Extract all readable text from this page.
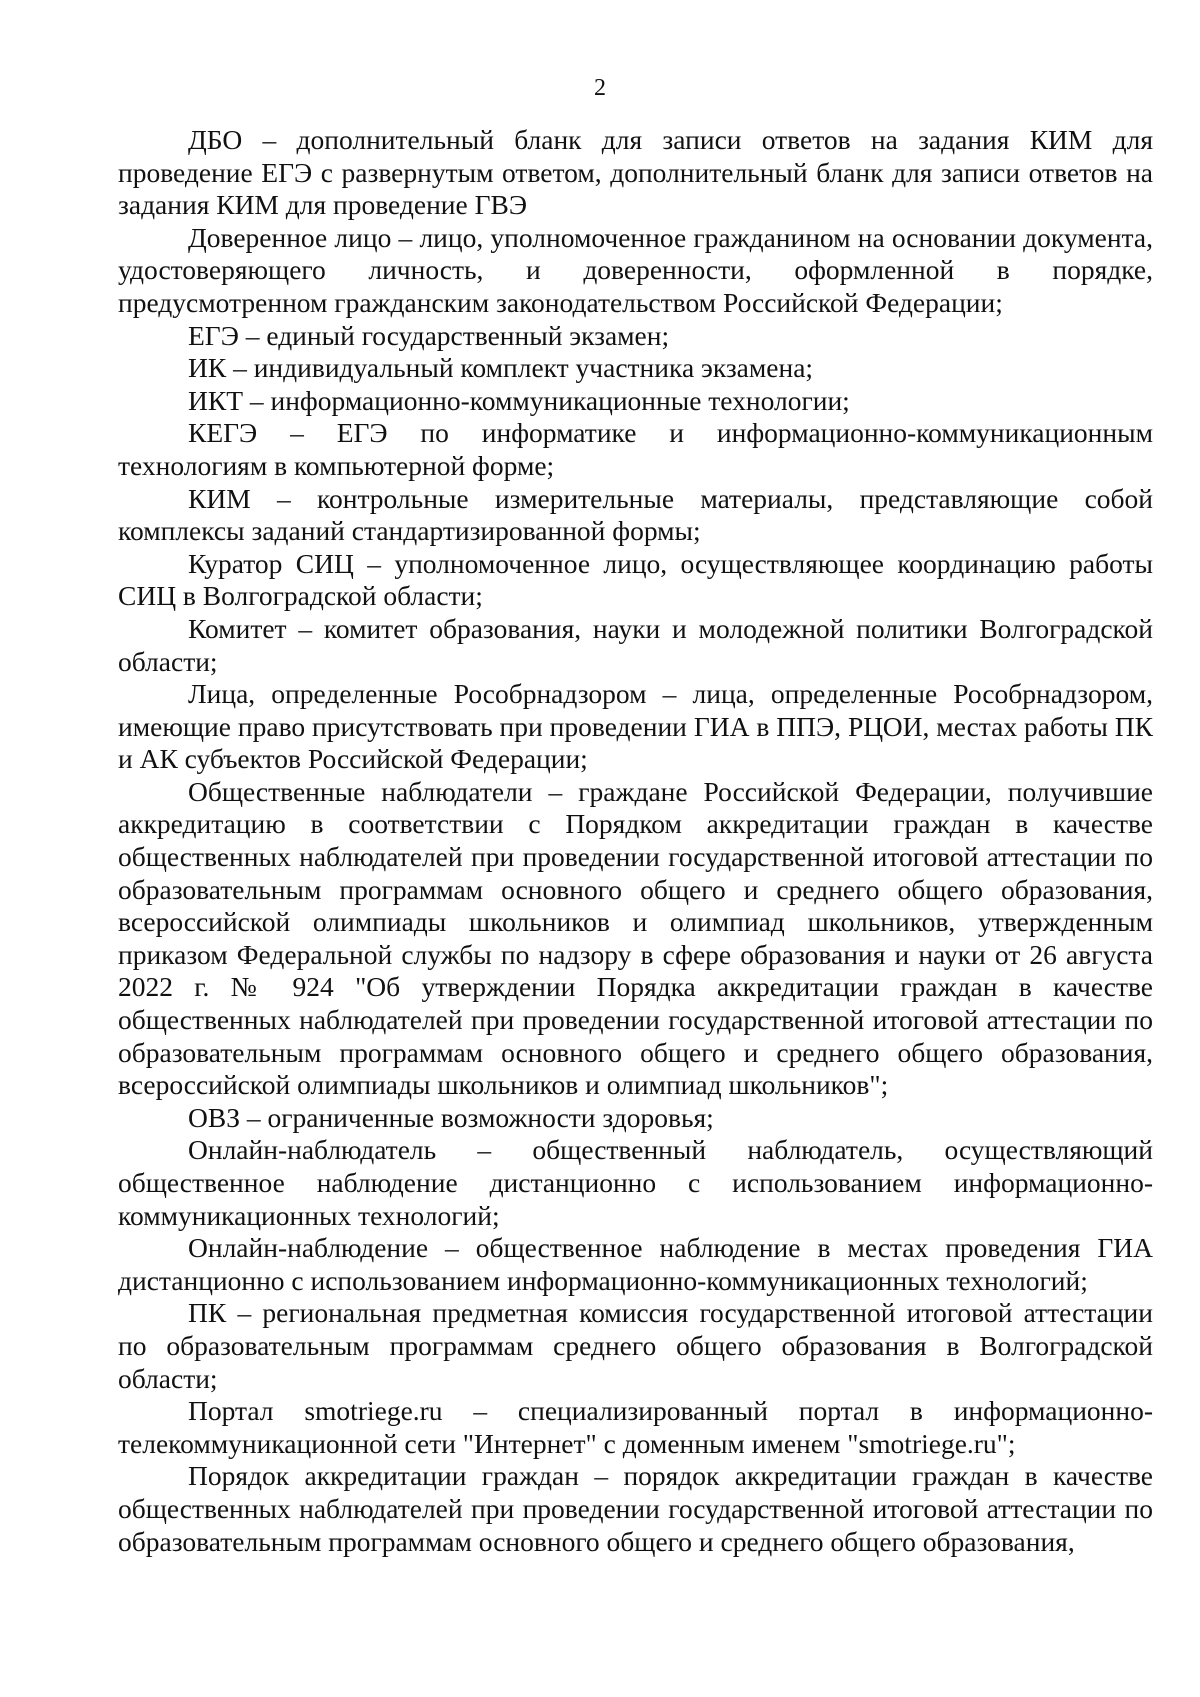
2

ДБО – дополнительный бланк для записи ответов на задания КИМ для проведение ЕГЭ с развернутым ответом, дополнительный бланк для записи ответов на задания КИМ для проведение ГВЭ

Доверенное лицо – лицо, уполномоченное гражданином на основании документа, удостоверяющего личность, и доверенности, оформленной в порядке, предусмотренном гражданским законодательством Российской Федерации;

ЕГЭ – единый государственный экзамен;

ИК – индивидуальный комплект участника экзамена;

ИКТ – информационно-коммуникационные технологии;

КЕГЭ – ЕГЭ по информатике и информационно-коммуникационным технологиям в компьютерной форме;

КИМ – контрольные измерительные материалы, представляющие собой комплексы заданий стандартизированной формы;

Куратор СИЦ – уполномоченное лицо, осуществляющее координацию работы СИЦ в Волгоградской области;

Комитет – комитет образования, науки и молодежной политики Волгоградской области;

Лица, определенные Рособрнадзором – лица, определенные Рособрнадзором, имеющие право присутствовать при проведении ГИА в ППЭ, РЦОИ, местах работы ПК и АК субъектов Российской Федерации;

Общественные наблюдатели – граждане Российской Федерации, получившие аккредитацию в соответствии с Порядком аккредитации граждан в качестве общественных наблюдателей при проведении государственной итоговой аттестации по образовательным программам основного общего и среднего общего образования, всероссийской олимпиады школьников и олимпиад школьников, утвержденным приказом Федеральной службы по надзору в сфере образования и науки от 26 августа 2022 г. № 924 "Об утверждении Порядка аккредитации граждан в качестве общественных наблюдателей при проведении государственной итоговой аттестации по образовательным программам основного общего и среднего общего образования, всероссийской олимпиады школьников и олимпиад школьников";

ОВЗ – ограниченные возможности здоровья;

Онлайн-наблюдатель – общественный наблюдатель, осуществляющий общественное наблюдение дистанционно с использованием информационно-коммуникационных технологий;

Онлайн-наблюдение – общественное наблюдение в местах проведения ГИА дистанционно с использованием информационно-коммуникационных технологий;

ПК – региональная предметная комиссия государственной итоговой аттестации по образовательным программам среднего общего образования в Волгоградской области;

Портал smotriege.ru – специализированный портал в информационно-телекоммуникационной сети "Интернет" с доменным именем "smotriege.ru";

Порядок аккредитации граждан – порядок аккредитации граждан в качестве общественных наблюдателей при проведении государственной итоговой аттестации по образовательным программам основного общего и среднего общего образования,
